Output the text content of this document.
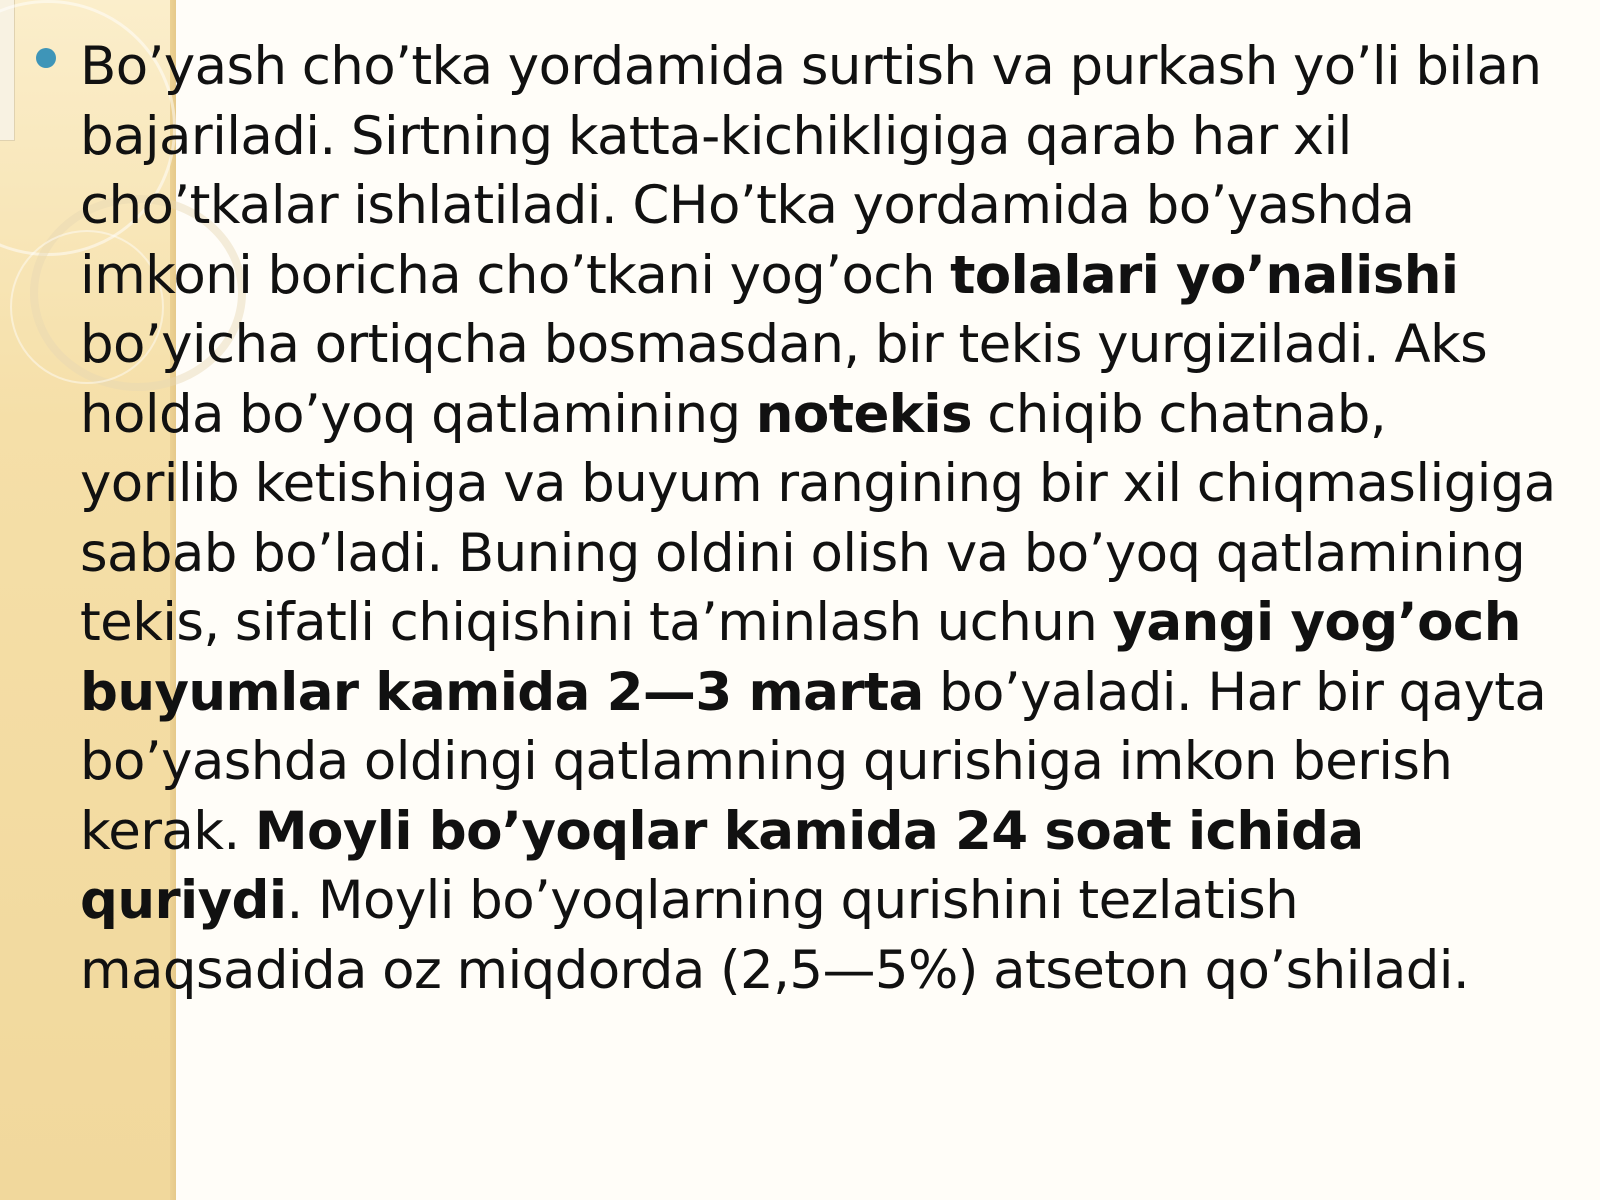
Bo’yash cho’tka yordamida surtish va purkash yo’li bilan bajariladi. Sirtning katta-kichikligiga qarab har xil cho’tkalar ishlatiladi. CHo’tka yordamida bo’yashda imkoni boricha cho’tkani yog’och tolalari yo’nalishi bo’yicha ortiqcha bosmasdan, bir tekis yurgiziladi. Aks holda bo’yoq qatlamining notekis chiqib chatnab, yorilib ketishiga va buyum rangining bir xil chiqmasligiga sabab bo’ladi. Buning oldini olish va bo’yoq qatlamining tekis, sifatli chiqishini ta’minlash uchun yangi yog’och buyumlar kamida 2—3 marta bo’yaladi. Har bir qayta bo’yashda oldingi qatlamning qurishiga imkon berish kerak. Moyli bo’yoqlar kamida 24 soat ichida quriydi. Moyli bo’yoqlarning qurishini tezlatish maqsadida oz miqdorda (2,5—5%) atseton qo’shiladi.
